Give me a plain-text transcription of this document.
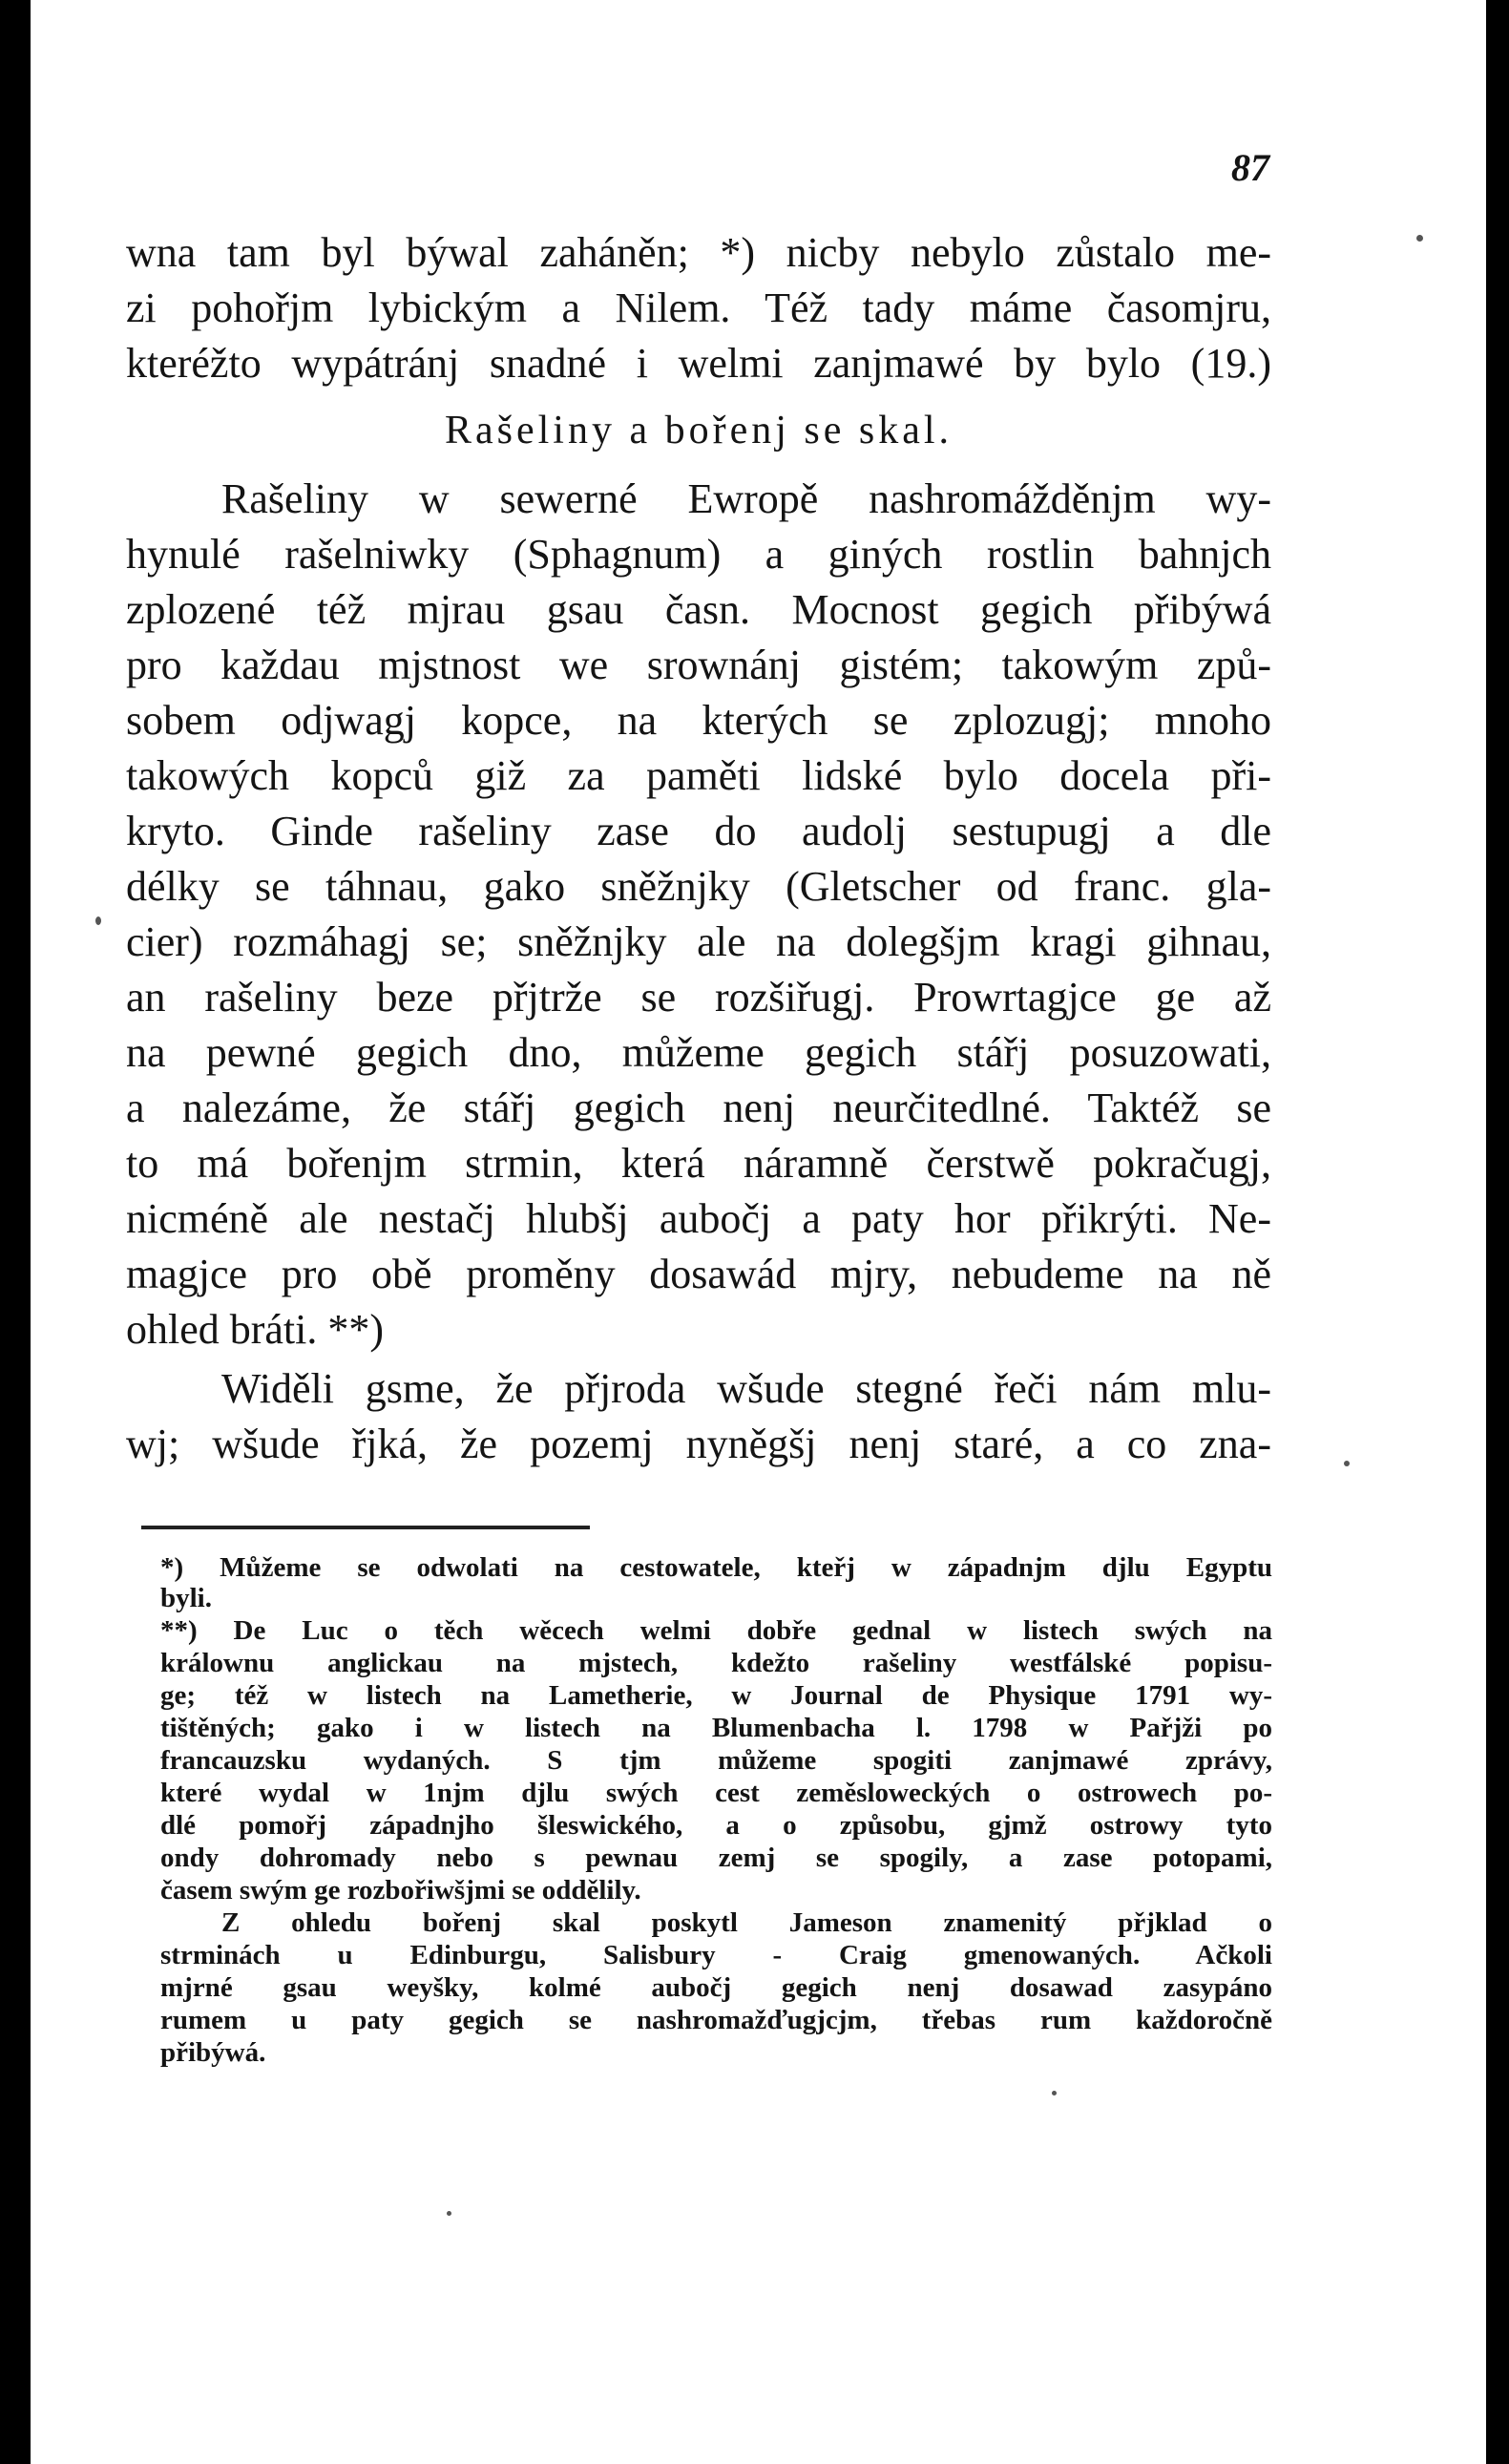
87
wna tam byl býwal zaháněn; *) nicby nebylo zůstalo me-
zi pohořjm lybickým a Nilem. Též tady máme časomjru,
kteréžto wypátránj snadné i welmi zanjmawé by bylo (19.)
Rašeliny a bořenj se skal.
Rašeliny w sewerné Ewropě nashromážděnjm wy-
hynulé rašelniwky (Sphagnum) a giných rostlin bahnjch
zplozené též mjrau gsau časn. Mocnost gegich přibýwá
pro každau mjstnost we srownánj gistém; takowým způ-
sobem odjwagj kopce, na kterých se zplozugj; mnoho
takowých kopců giž za paměti lidské bylo docela při-
kryto. Ginde rašeliny zase do audolj sestupugj a dle
délky se táhnau, gako sněžnjky (Gletscher od franc. gla-
cier) rozmáhagj se; sněžnjky ale na dolegšjm kragi gihnau,
an rašeliny beze přjtrže se rozšiřugj. Prowrtagjce ge až
na pewné gegich dno, můžeme gegich stářj posuzowati,
a nalezáme, že stářj gegich nenj neurčitedlné. Taktéž se
to má bořenjm strmin, která náramně čerstwě pokračugj,
nicméně ale nestačj hlubšj aubočj a paty hor přikrýti. Ne-
magjce pro obě proměny dosawád mjry, nebudeme na ně
ohled bráti. **)
Widěli gsme, že přjroda wšude stegné řeči nám mlu-
wj; wšude řjká, že pozemj nyněgšj nenj staré, a co zna-
*) Můžeme se odwolati na cestowatele, kteřj w západnjm djlu Egyptu
byli.
**) De Luc o těch wěcech welmi dobře gednal w listech swých na
králownu anglickau na mjstech, kdežto rašeliny westfálské popisu-
ge; též w listech na Lametherie, w Journal de Physique 1791 wy-
tištěných; gako i w listech na Blumenbacha l. 1798 w Pařjži po
francauzsku wydaných. S tjm můžeme spogiti zanjmawé zprávy,
které wydal w 1njm djlu swých cest zeměsloweckých o ostrowech po-
dlé pomořj západnjho šleswického, a o způsobu, gjmž ostrowy tyto
ondy dohromady nebo s pewnau zemj se spogily, a zase potopami,
časem swým ge rozbořiwšjmi se oddělily.
Z ohledu bořenj skal poskytl Jameson znamenitý přjklad o
strminách u Edinburgu, Salisbury - Craig gmenowaných. Ačkoli
mjrné gsau weyšky, kolmé aubočj gegich nenj dosawad zasypáno
rumem u paty gegich se nashromažďugjcjm, třebas rum každoročně
přibýwá.
